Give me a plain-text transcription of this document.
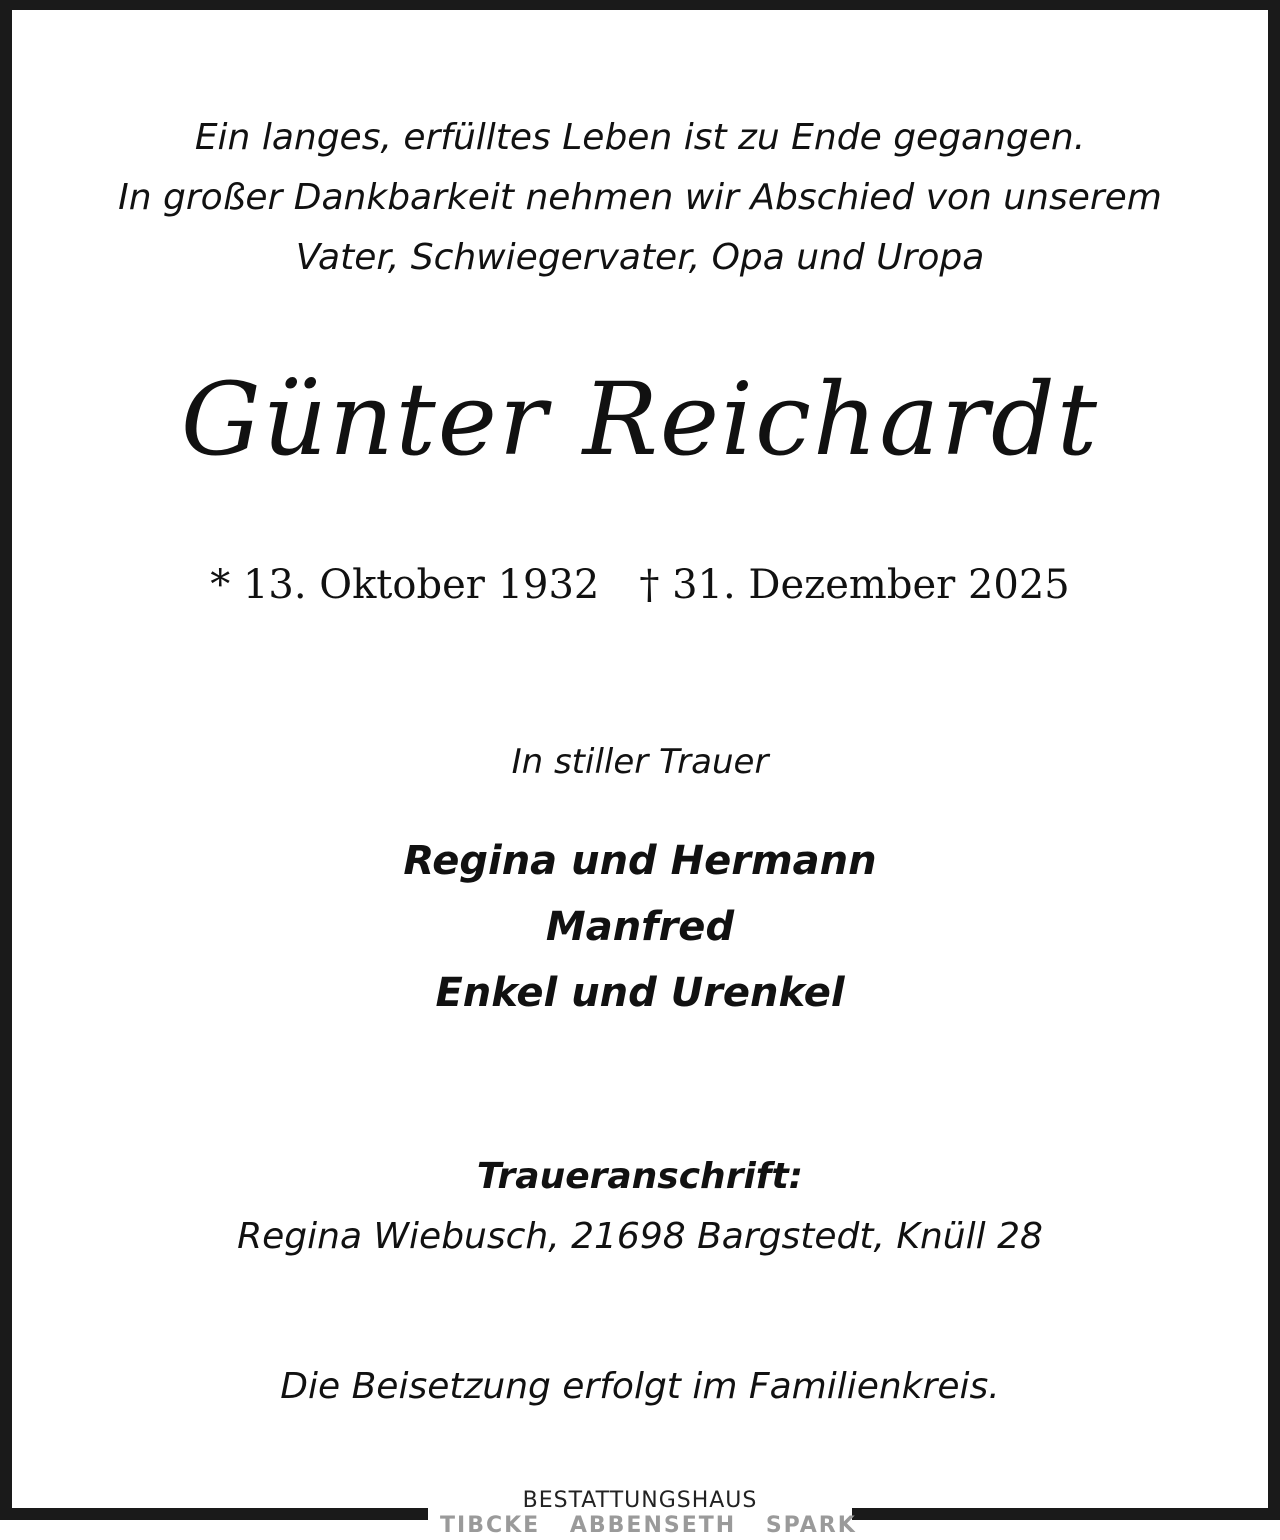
Ein langes, erfülltes Leben ist zu Ende gegangen.
In großer Dankbarkeit nehmen wir Abschied von unserem
Vater, Schwiegervater, Opa und Uropa
Günter Reichardt
* 13. Oktober 1932 † 31. Dezember 2025
In stiller Trauer
Regina und Hermann
Manfred
Enkel und Urenkel
Traueranschrift:
Regina Wiebusch, 21698 Bargstedt, Knüll 28
Die Beisetzung erfolgt im Familienkreis.
BESTATTUNGSHAUS
TIBCKE ABBENSETH SPARK
